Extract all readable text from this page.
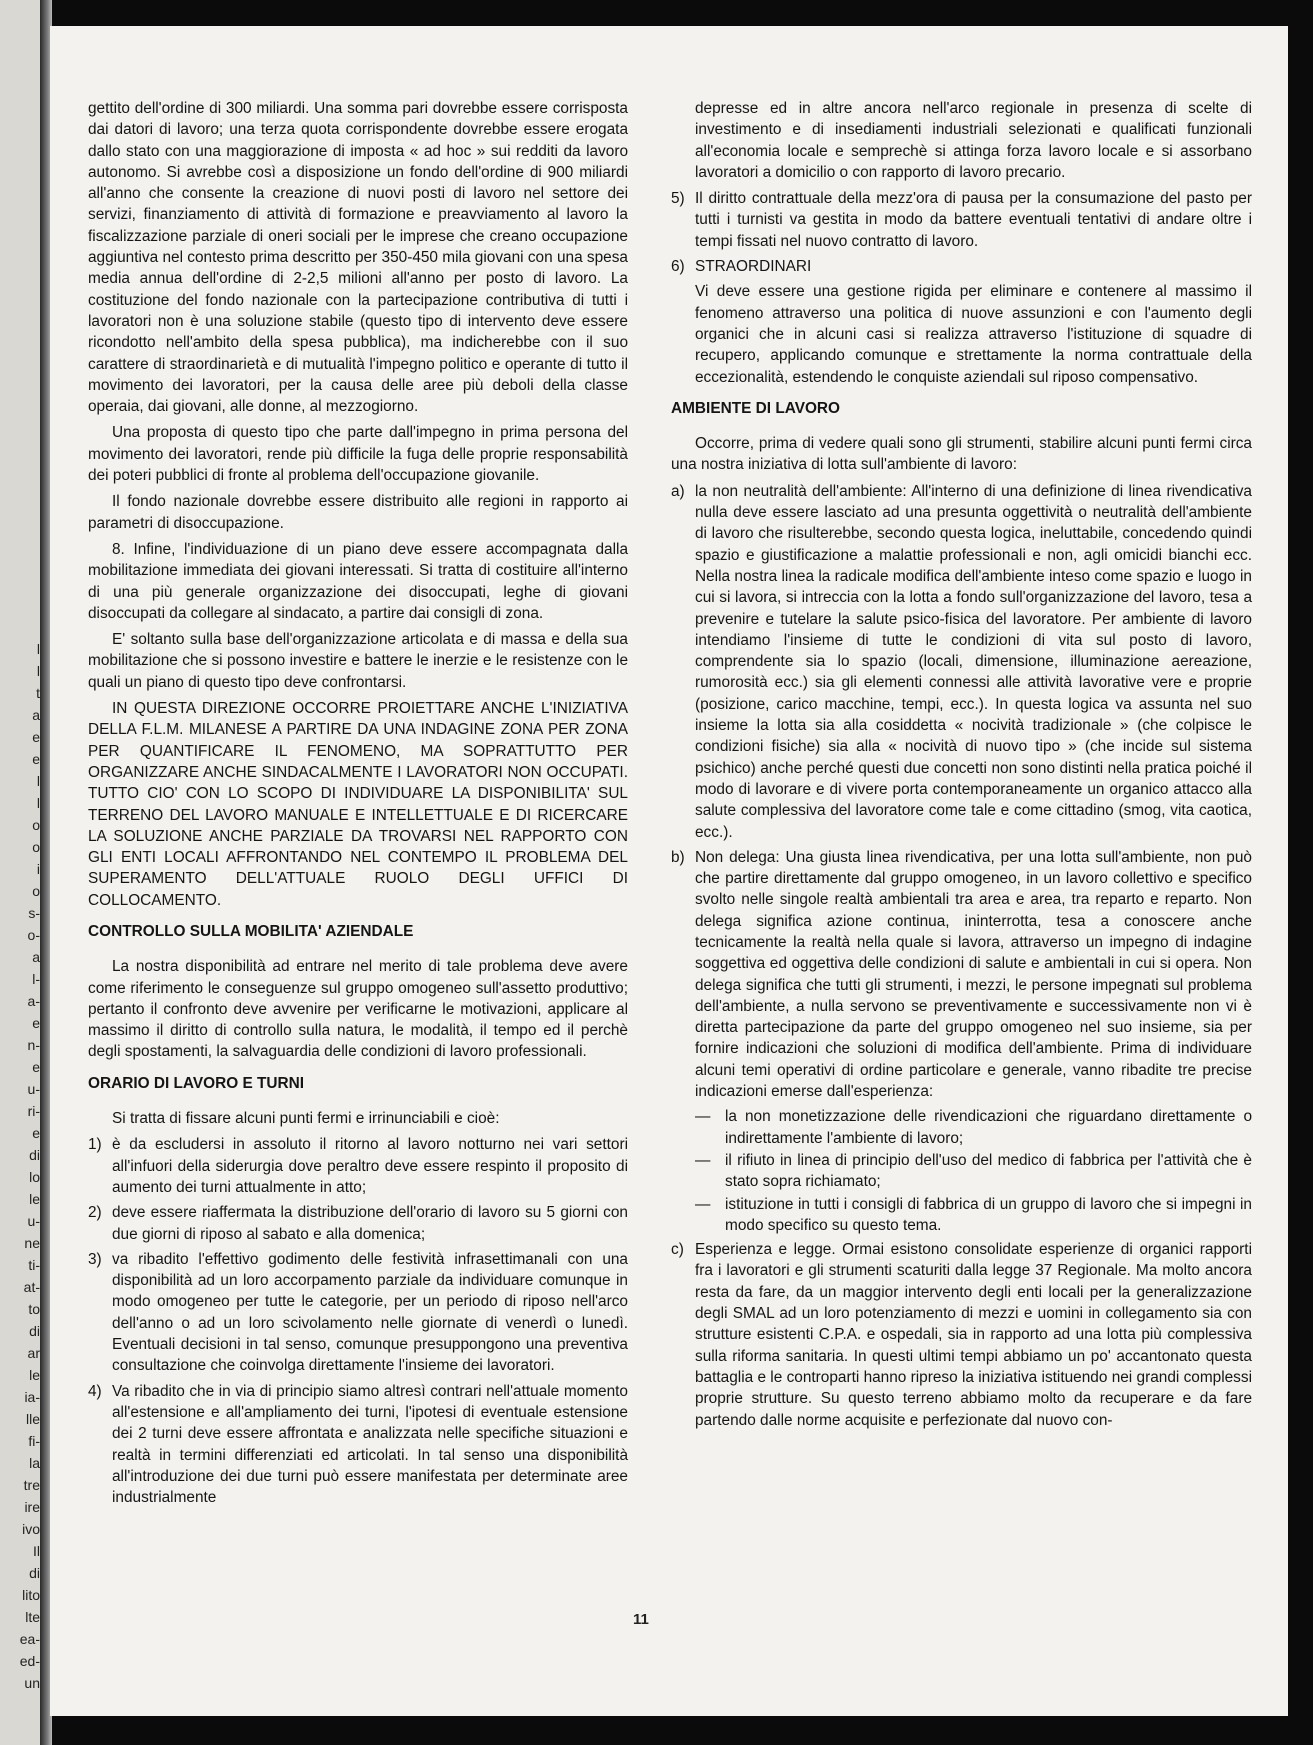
l
l
t
a
e
e
l
l
o
o
i
o
s-
o-
a
l-
a-
e
n-
e
u-
ri-
e
di
lo
le
u-
ne
ti-
at-
to
di
ar
le
ia-
lle
fi-
la
tre
ire
ivo
Il
di
lito
lte
ea-
ed-
un

gettito dell'ordine di 300 miliardi. Una somma pari dovrebbe essere corrisposta dai datori di lavoro; una terza quota corrispondente dovrebbe essere erogata dallo stato con una maggiorazione di imposta « ad hoc » sui redditi da lavoro autonomo. Si avrebbe così a disposizione un fondo dell'ordine di 900 miliardi all'anno che consente la creazione di nuovi posti di lavoro nel settore dei servizi, finanziamento di attività di formazione e preavviamento al lavoro la fiscalizzazione parziale di oneri sociali per le imprese che creano occupazione aggiuntiva nel contesto prima descritto per 350-450 mila giovani con una spesa media annua dell'ordine di 2-2,5 milioni all'anno per posto di lavoro. La costituzione del fondo nazionale con la partecipazione contributiva di tutti i lavoratori non è una soluzione stabile (questo tipo di intervento deve essere ricondotto nell'ambito della spesa pubblica), ma indicherebbe con il suo carattere di straordinarietà e di mutualità l'impegno politico e operante di tutto il movimento dei lavoratori, per la causa delle aree più deboli della classe operaia, dai giovani, alle donne, al mezzogiorno.

Una proposta di questo tipo che parte dall'impegno in prima persona del movimento dei lavoratori, rende più difficile la fuga delle proprie responsabilità dei poteri pubblici di fronte al problema dell'occupazione giovanile.

Il fondo nazionale dovrebbe essere distribuito alle regioni in rapporto ai parametri di disoccupazione.

8. Infine, l'individuazione di un piano deve essere accompagnata dalla mobilitazione immediata dei giovani interessati. Si tratta di costituire all'interno di una più generale organizzazione dei disoccupati, leghe di giovani disoccupati da collegare al sindacato, a partire dai consigli di zona.

E' soltanto sulla base dell'organizzazione articolata e di massa e della sua mobilitazione che si possono investire e battere le inerzie e le resistenze con le quali un piano di questo tipo deve confrontarsi.

IN QUESTA DIREZIONE OCCORRE PROIETTARE ANCHE L'INIZIATIVA DELLA F.L.M. MILANESE A PARTIRE DA UNA INDAGINE ZONA PER ZONA PER QUANTIFICARE IL FENOMENO, MA SOPRATTUTTO PER ORGANIZZARE ANCHE SINDACALMENTE I LAVORATORI NON OCCUPATI. TUTTO CIO' CON LO SCOPO DI INDIVIDUARE LA DISPONIBILITA' SUL TERRENO DEL LAVORO MANUALE E INTELLETTUALE E DI RICERCARE LA SOLUZIONE ANCHE PARZIALE DA TROVARSI NEL RAPPORTO CON GLI ENTI LOCALI AFFRONTANDO NEL CONTEMPO IL PROBLEMA DEL SUPERAMENTO DELL'ATTUALE RUOLO DEGLI UFFICI DI COLLOCAMENTO.

CONTROLLO SULLA MOBILITA' AZIENDALE

La nostra disponibilità ad entrare nel merito di tale problema deve avere come riferimento le conseguenze sul gruppo omogeneo sull'assetto produttivo; pertanto il confronto deve avvenire per verificarne le motivazioni, applicare al massimo il diritto di controllo sulla natura, le modalità, il tempo ed il perchè degli spostamenti, la salvaguardia delle condizioni di lavoro professionali.

ORARIO DI LAVORO E TURNI

Si tratta di fissare alcuni punti fermi e irrinunciabili e cioè:

1) è da escludersi in assoluto il ritorno al lavoro notturno nei vari settori all'infuori della siderurgia dove peraltro deve essere respinto il proposito di aumento dei turni attualmente in atto;
2) deve essere riaffermata la distribuzione dell'orario di lavoro su 5 giorni con due giorni di riposo al sabato e alla domenica;
3) va ribadito l'effettivo godimento delle festività infrasettimanali con una disponibilità ad un loro accorpamento parziale da individuare comunque in modo omogeneo per tutte le categorie, per un periodo di riposo nell'arco dell'anno o ad un loro scivolamento nelle giornate di venerdì o lunedì. Eventuali decisioni in tal senso, comunque presuppongono una preventiva consultazione che coinvolga direttamente l'insieme dei lavoratori.
4) Va ribadito che in via di principio siamo altresì contrari nell'attuale momento all'estensione e all'ampliamento dei turni, l'ipotesi di eventuale estensione dei 2 turni deve essere affrontata e analizzata nelle specifiche situazioni e realtà in termini differenziati ed articolati. In tal senso una disponibilità all'introduzione dei due turni può essere manifestata per determinate aree industrialmente

depresse ed in altre ancora nell'arco regionale in presenza di scelte di investimento e di insediamenti industriali selezionati e qualificati funzionali all'economia locale e semprechè si attinga forza lavoro locale e si assorbano lavoratori a domicilio o con rapporto di lavoro precario.

5) Il diritto contrattuale della mezz'ora di pausa per la consumazione del pasto per tutti i turnisti va gestita in modo da battere eventuali tentativi di andare oltre i tempi fissati nel nuovo contratto di lavoro.
6) STRAORDINARI

Vi deve essere una gestione rigida per eliminare e contenere al massimo il fenomeno attraverso una politica di nuove assunzioni e con l'aumento degli organici che in alcuni casi si realizza attraverso l'istituzione di squadre di recupero, applicando comunque e strettamente la norma contrattuale della eccezionalità, estendendo le conquiste aziendali sul riposo compensativo.

AMBIENTE DI LAVORO

Occorre, prima di vedere quali sono gli strumenti, stabilire alcuni punti fermi circa una nostra iniziativa di lotta sull'ambiente di lavoro:

a) la non neutralità dell'ambiente: All'interno di una definizione di linea rivendicativa nulla deve essere lasciato ad una presunta oggettività o neutralità dell'ambiente di lavoro che risulterebbe, secondo questa logica, ineluttabile, concedendo quindi spazio e giustificazione a malattie professionali e non, agli omicidi bianchi ecc. Nella nostra linea la radicale modifica dell'ambiente inteso come spazio e luogo in cui si lavora, si intreccia con la lotta a fondo sull'organizzazione del lavoro, tesa a prevenire e tutelare la salute psico-fisica del lavoratore. Per ambiente di lavoro intendiamo l'insieme di tutte le condizioni di vita sul posto di lavoro, comprendente sia lo spazio (locali, dimensione, illuminazione aereazione, rumorosità ecc.) sia gli elementi connessi alle attività lavorative vere e proprie (posizione, carico macchine, tempi, ecc.). In questa logica va assunta nel suo insieme la lotta sia alla cosiddetta « nocività tradizionale » (che colpisce le condizioni fisiche) sia alla « nocività di nuovo tipo » (che incide sul sistema psichico) anche perché questi due concetti non sono distinti nella pratica poiché il modo di lavorare e di vivere porta contemporaneamente un organico attacco alla salute complessiva del lavoratore come tale e come cittadino (smog, vita caotica, ecc.).
b) Non delega: Una giusta linea rivendicativa, per una lotta sull'ambiente, non può che partire direttamente dal gruppo omogeneo, in un lavoro collettivo e specifico svolto nelle singole realtà ambientali tra area e area, tra reparto e reparto. Non delega significa azione continua, ininterrotta, tesa a conoscere anche tecnicamente la realtà nella quale si lavora, attraverso un impegno di indagine soggettiva ed oggettiva delle condizioni di salute e ambientali in cui si opera. Non delega significa che tutti gli strumenti, i mezzi, le persone impegnati sul problema dell'ambiente, a nulla servono se preventivamente e successivamente non vi è diretta partecipazione da parte del gruppo omogeneo nel suo insieme, sia per fornire indicazioni che soluzioni di modifica dell'ambiente. Prima di individuare alcuni temi operativi di ordine particolare e generale, vanno ribadite tre precise indicazioni emerse dall'esperienza:
— la non monetizzazione delle rivendicazioni che riguardano direttamente o indirettamente l'ambiente di lavoro;
— il rifiuto in linea di principio dell'uso del medico di fabbrica per l'attività che è stato sopra richiamato;
— istituzione in tutti i consigli di fabbrica di un gruppo di lavoro che si impegni in modo specifico su questo tema.
c) Esperienza e legge. Ormai esistono consolidate esperienze di organici rapporti fra i lavoratori e gli strumenti scaturiti dalla legge 37 Regionale. Ma molto ancora resta da fare, da un maggior intervento degli enti locali per la generalizzazione degli SMAL ad un loro potenziamento di mezzi e uomini in collegamento sia con strutture esistenti C.P.A. e ospedali, sia in rapporto ad una lotta più complessiva sulla riforma sanitaria. In questi ultimi tempi abbiamo un po' accantonato questa battaglia e le controparti hanno ripreso la iniziativa istituendo nei grandi complessi proprie strutture. Su questo terreno abbiamo molto da recuperare e da fare partendo dalle norme acquisite e perfezionate dal nuovo con-
11
